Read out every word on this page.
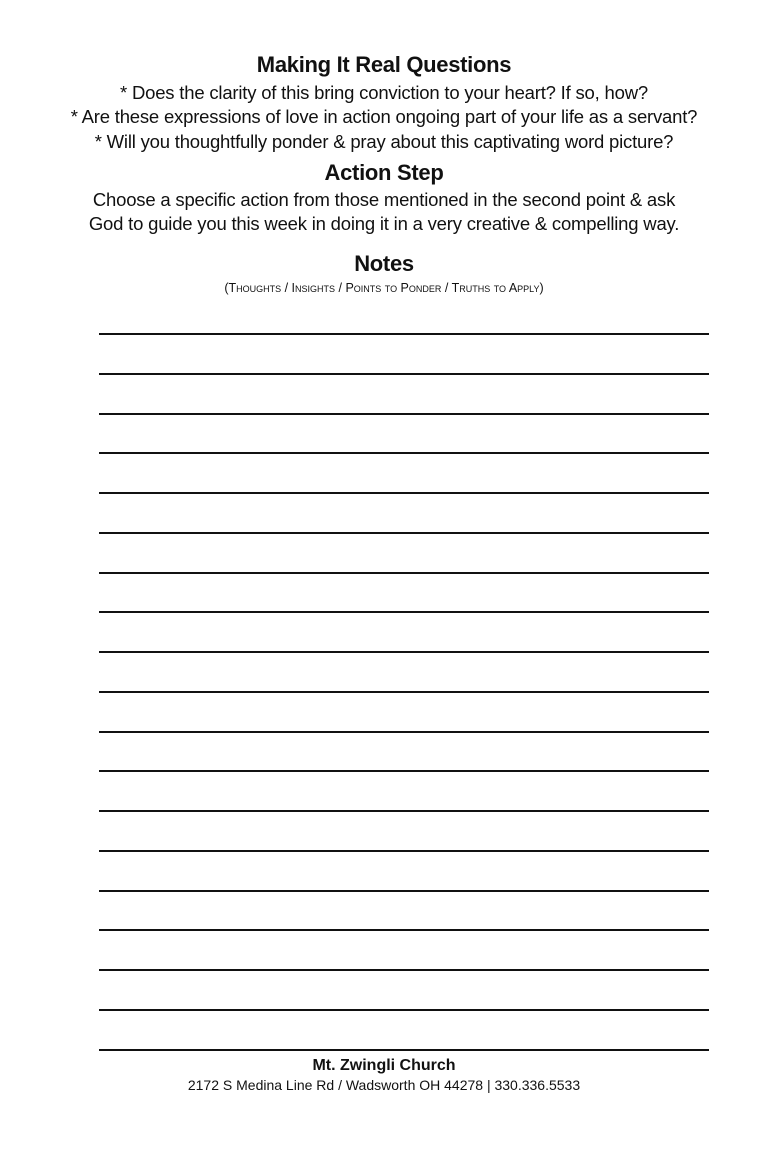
Making It Real Questions

* Does the clarity of this bring conviction to your heart? If so, how?

* Are these expressions of love in action ongoing part of your life as a servant?

* Will you thoughtfully ponder & pray about this captivating word picture?

Action Step

Choose a specific action from those mentioned in the second point & ask

God to guide you this week in doing it in a very creative & compelling way.

Notes

(Thoughts / Insights / Points to Ponder / Truths to Apply)

Mt. Zwingli Church

2172 S Medina Line Rd / Wadsworth OH 44278 | 330.336.5533
